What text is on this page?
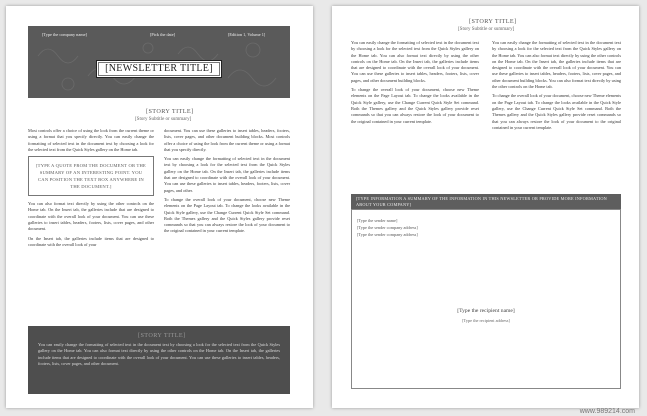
[Type the company name]	[Pick the date]	[Edition 1, Volume 1]
[NEWSLETTER TITLE]
[STORY TITLE]
[Story Subtitle or summary]

Most controls offer a choice of using the look from the current theme or using a format that you specify directly. You can easily change the formatting of selected text in the document text by choosing a look for the selected text from the Quick Styles gallery on the Home tab.

[TYPE A QUOTE FROM THE DOCUMENT OR THE SUMMARY OF AN INTERESTING POINT. YOU CAN POSITION THE TEXT BOX ANYWHERE IN THE DOCUMENT.]

You can also format text directly by using the other controls on the Home tab. On the Insert tab, the galleries include that are designed to coordinate with the overall look of your document. You can use these galleries to insert tables, headers, footers, lists, cover pages, and other document.

On the Insert tab, the galleries include items that are designed to coordinate with the overall look of your

document. You can use these galleries to insert tables, headers, footers, lists, cover pages, and other document building blocks. Most controls offer a choice of using the look from the current theme or using a format that you specify directly.

You can easily change the formatting of selected text in the document text by choosing a look for the selected text from the Quick Styles gallery on the Home tab. On the Insert tab, the galleries include items that are designed to coordinate with the overall look of your document. You can use these galleries to insert tables, headers, footers, lists, cover pages, and other.

To change the overall look of your document, choose new Theme elements on the Page Layout tab. To change the looks available in the Quick Style gallery, use the Change Current Quick Style Set command. Both the Themes gallery and the Quick Styles gallery provide reset commands so that you can always restore the look of your document to the original contained in your current template.

[STORY TITLE]

You can easily change the formatting of selected text in the document text by choosing a look for the selected text from the Quick Styles gallery on the Home tab. You can also format text directly by using the other controls on the Home tab. On the Insert tab, the galleries include items that are designed to coordinate with the overall look of your document. You can use these galleries to insert tables, headers, footers, lists, cover pages, and other document.

[STORY TITLE]
[Story Subtitle or summary]

You can easily change the formatting of selected text in the document text by choosing a look for the selected text from the Quick Styles gallery on the Home tab. You can also format text directly by using the other controls on the Home tab. On the Insert tab, the galleries include items that are designed to coordinate with the overall look of your document. You can use these galleries to insert tables, headers, footers, lists, cover pages, and other document building blocks.

To change the overall look of your document, choose new Theme elements on the Page Layout tab. To change the looks available in the Quick Style gallery, use the Change Current Quick Style Set command. Both the Themes gallery and the Quick Styles gallery provide reset commands so that you can always restore the look of your document to the original contained in your current template.

You can easily change the formatting of selected text in the document text by choosing a look for the selected text from the Quick Styles gallery on the Home tab. You can also format text directly by using the other controls on the Home tab. On the Insert tab, the galleries include items that are designed to coordinate with the overall look of your document. You can use these galleries to insert tables, headers, footers, lists, cover pages, and other document building blocks. You can also format text directly by using the other controls on the Home tab.

To change the overall look of your document, choose new Theme elements on the Page Layout tab. To change the looks available in the Quick Style gallery, use the Change Current Quick Style Set command. Both the Themes gallery and the Quick Styles gallery provide reset commands so that you can always restore the look of your document to the original contained in your current template.

[TYPE INFORMATION A SUMMARY OF THE INFORMATION IN THIS NEWSLETTER OR PROVIDE MORE INFORMATION ABOUT YOUR COMPANY]
[Type the sender name]
[Type the sender company address]
[Type the sender company address]
[Type the recipient name]
[Type the recipient address]
www.989214.com
